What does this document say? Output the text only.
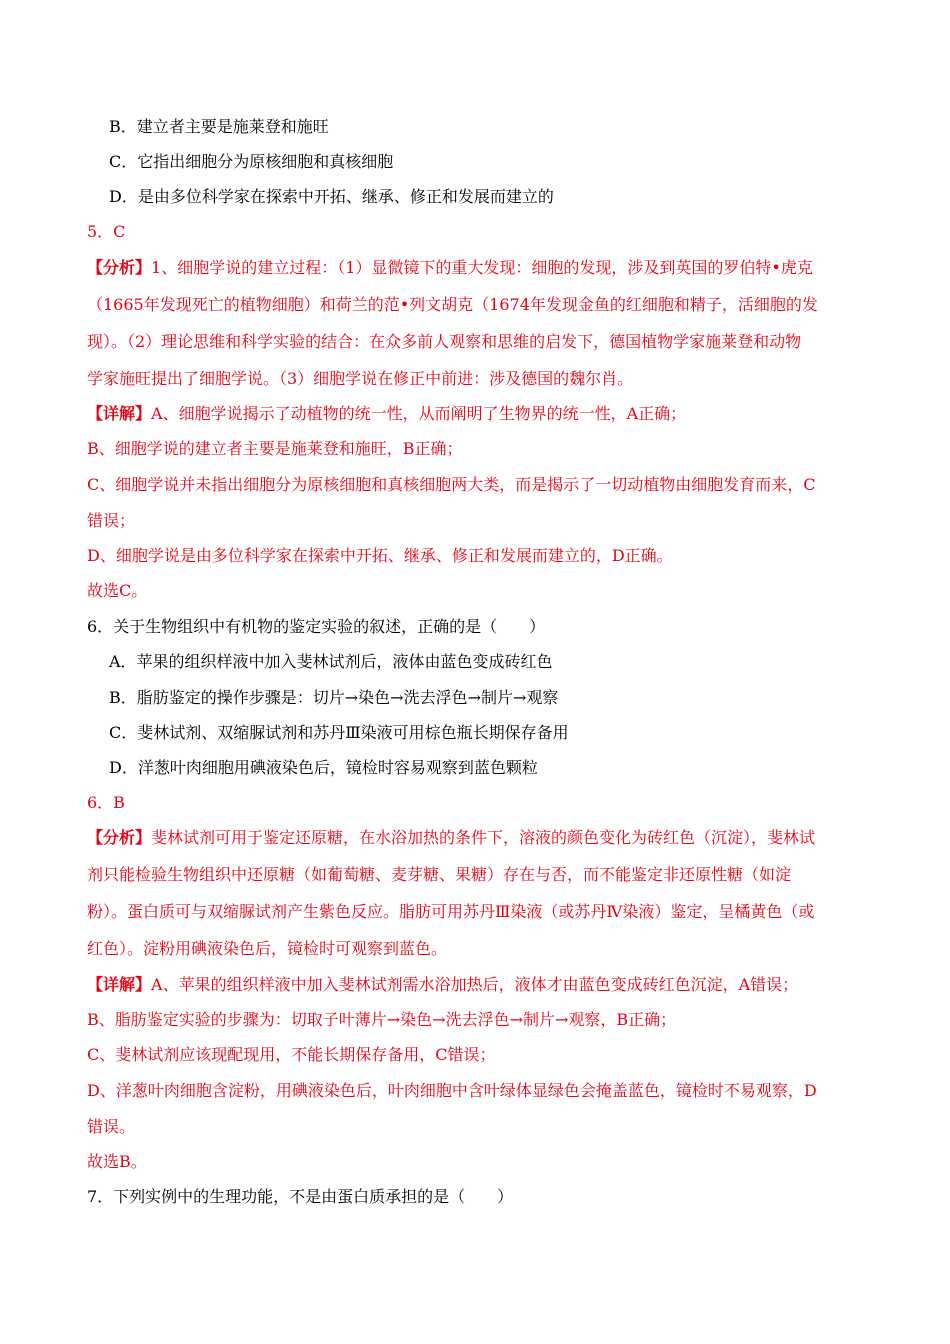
B．建立者主要是施莱登和施旺
C．它指出细胞分为原核细胞和真核细胞
D．是由多位科学家在探索中开拓、继承、修正和发展而建立的
5．C
【分析】1、细胞学说的建立过程：（1）显微镜下的重大发现：细胞的发现，涉及到英国的罗伯特•虎克
（1665年发现死亡的植物细胞）和荷兰的范•列文胡克（1674年发现金鱼的红细胞和精子，活细胞的发
现）。（2）理论思维和科学实验的结合：在众多前人观察和思维的启发下，德国植物学家施莱登和动物
学家施旺提出了细胞学说。（3）细胞学说在修正中前进：涉及德国的魏尔肖。
【详解】A、细胞学说揭示了动植物的统一性，从而阐明了生物界的统一性，A正确；
B、细胞学说的建立者主要是施莱登和施旺，B正确；
C、细胞学说并未指出细胞分为原核细胞和真核细胞两大类，而是揭示了一切动植物由细胞发育而来，C
错误；
D、细胞学说是由多位科学家在探索中开拓、继承、修正和发展而建立的，D正确。
故选C。
6．关于生物组织中有机物的鉴定实验的叙述，正确的是（　　）
A．苹果的组织样液中加入斐林试剂后，液体由蓝色变成砖红色
B．脂肪鉴定的操作步骤是：切片→染色→洗去浮色→制片→观察
C．斐林试剂、双缩脲试剂和苏丹Ⅲ染液可用棕色瓶长期保存备用
D．洋葱叶肉细胞用碘液染色后，镜检时容易观察到蓝色颗粒
6．B
【分析】斐林试剂可用于鉴定还原糖，在水浴加热的条件下，溶液的颜色变化为砖红色（沉淀），斐林试
剂只能检验生物组织中还原糖（如葡萄糖、麦芽糖、果糖）存在与否，而不能鉴定非还原性糖（如淀
粉）。蛋白质可与双缩脲试剂产生紫色反应。脂肪可用苏丹Ⅲ染液（或苏丹Ⅳ染液）鉴定，呈橘黄色（或
红色）。淀粉用碘液染色后，镜检时可观察到蓝色。
【详解】A、苹果的组织样液中加入斐林试剂需水浴加热后，液体才由蓝色变成砖红色沉淀，A错误；
B、脂肪鉴定实验的步骤为：切取子叶薄片→染色→洗去浮色→制片→观察，B正确；
C、斐林试剂应该现配现用，不能长期保存备用，C错误；
D、洋葱叶肉细胞含淀粉，用碘液染色后，叶肉细胞中含叶绿体显绿色会掩盖蓝色，镜检时不易观察，D
错误。
故选B。
7．下列实例中的生理功能，不是由蛋白质承担的是（　　）
